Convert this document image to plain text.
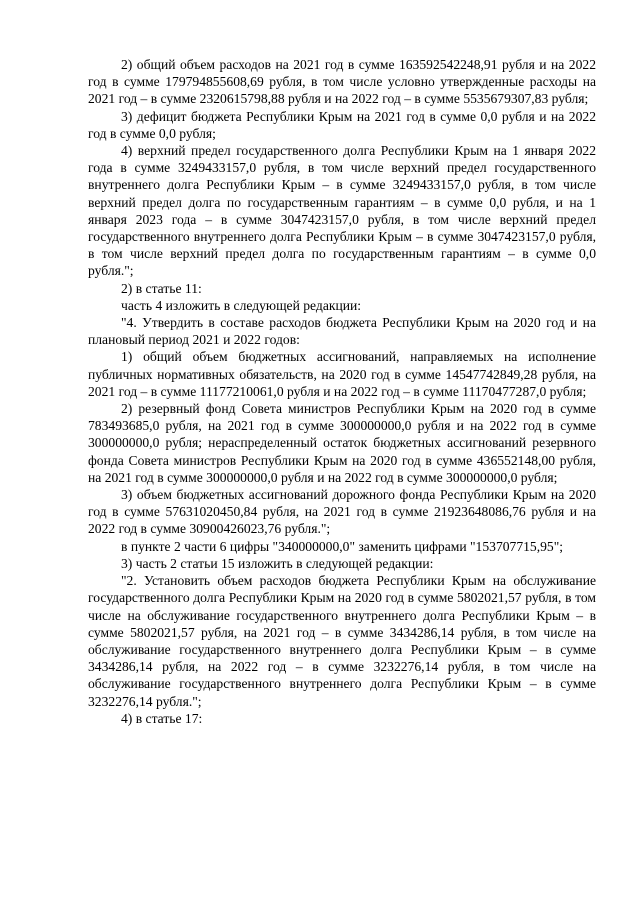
2) общий объем расходов на 2021 год в сумме 163592542248,91 рубля и на 2022 год в сумме 179794855608,69 рубля, в том числе условно утвержденные расходы на 2021 год – в сумме 2320615798,88 рубля и на 2022 год – в сумме 5535679307,83 рубля;

3) дефицит бюджета Республики Крым на 2021 год в сумме 0,0 рубля и на 2022 год в сумме 0,0 рубля;

4) верхний предел государственного долга Республики Крым на 1 января 2022 года в сумме 3249433157,0 рубля, в том числе верхний предел государственного внутреннего долга Республики Крым – в сумме 3249433157,0 рубля, в том числе верхний предел долга по государственным гарантиям – в сумме 0,0 рубля, и на 1 января 2023 года – в сумме 3047423157,0 рубля, в том числе верхний предел государственного внутреннего долга Республики Крым – в сумме 3047423157,0 рубля, в том числе верхний предел долга по государственным гарантиям – в сумме 0,0 рубля.";

2) в статье 11:

часть 4 изложить в следующей редакции:

"4. Утвердить в составе расходов бюджета Республики Крым на 2020 год и на плановый период 2021 и 2022 годов:

1) общий объем бюджетных ассигнований, направляемых на исполнение публичных нормативных обязательств, на 2020 год в сумме 14547742849,28 рубля, на 2021 год – в сумме 11177210061,0 рубля и на 2022 год – в сумме 11170477287,0 рубля;

2) резервный фонд Совета министров Республики Крым на 2020 год в сумме 783493685,0 рубля, на 2021 год в сумме 300000000,0 рубля и на 2022 год в сумме 300000000,0 рубля; нераспределенный остаток бюджетных ассигнований резервного фонда Совета министров Республики Крым на 2020 год в сумме 436552148,00 рубля, на 2021 год в сумме 300000000,0 рубля и на 2022 год в сумме 300000000,0 рубля;

3) объем бюджетных ассигнований дорожного фонда Республики Крым на 2020 год в сумме 57631020450,84 рубля, на 2021 год в сумме 21923648086,76 рубля и на 2022 год в сумме 30900426023,76 рубля.";

в пункте 2 части 6 цифры "340000000,0" заменить цифрами "153707715,95";

3) часть 2 статьи 15 изложить в следующей редакции:

"2. Установить объем расходов бюджета Республики Крым на обслуживание государственного долга Республики Крым на 2020 год в сумме 5802021,57 рубля, в том числе на обслуживание государственного внутреннего долга Республики Крым – в сумме 5802021,57 рубля, на 2021 год – в сумме 3434286,14 рубля, в том числе на обслуживание государственного внутреннего долга Республики Крым – в сумме 3434286,14 рубля, на 2022 год – в сумме 3232276,14 рубля, в том числе на обслуживание государственного внутреннего долга Республики Крым – в сумме 3232276,14 рубля.";

4) в статье 17:
